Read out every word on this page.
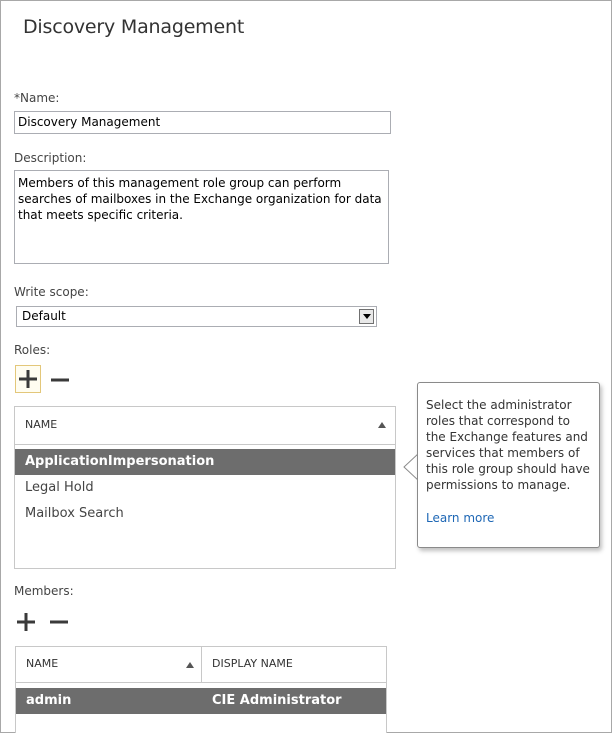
Discovery Management
*Name:
Discovery Management
Description:
Members of this management role group can perform searches of mailboxes in the Exchange organization for data that meets specific criteria.
Write scope:
Default
Roles:
NAME
ApplicationImpersonation
Legal Hold
Mailbox Search
Select the administrator roles that correspond to the Exchange features and services that members of this role group should have permissions to manage.
Learn more
Members:
NAME	DISPLAY NAME
admin	CIE Administrator
